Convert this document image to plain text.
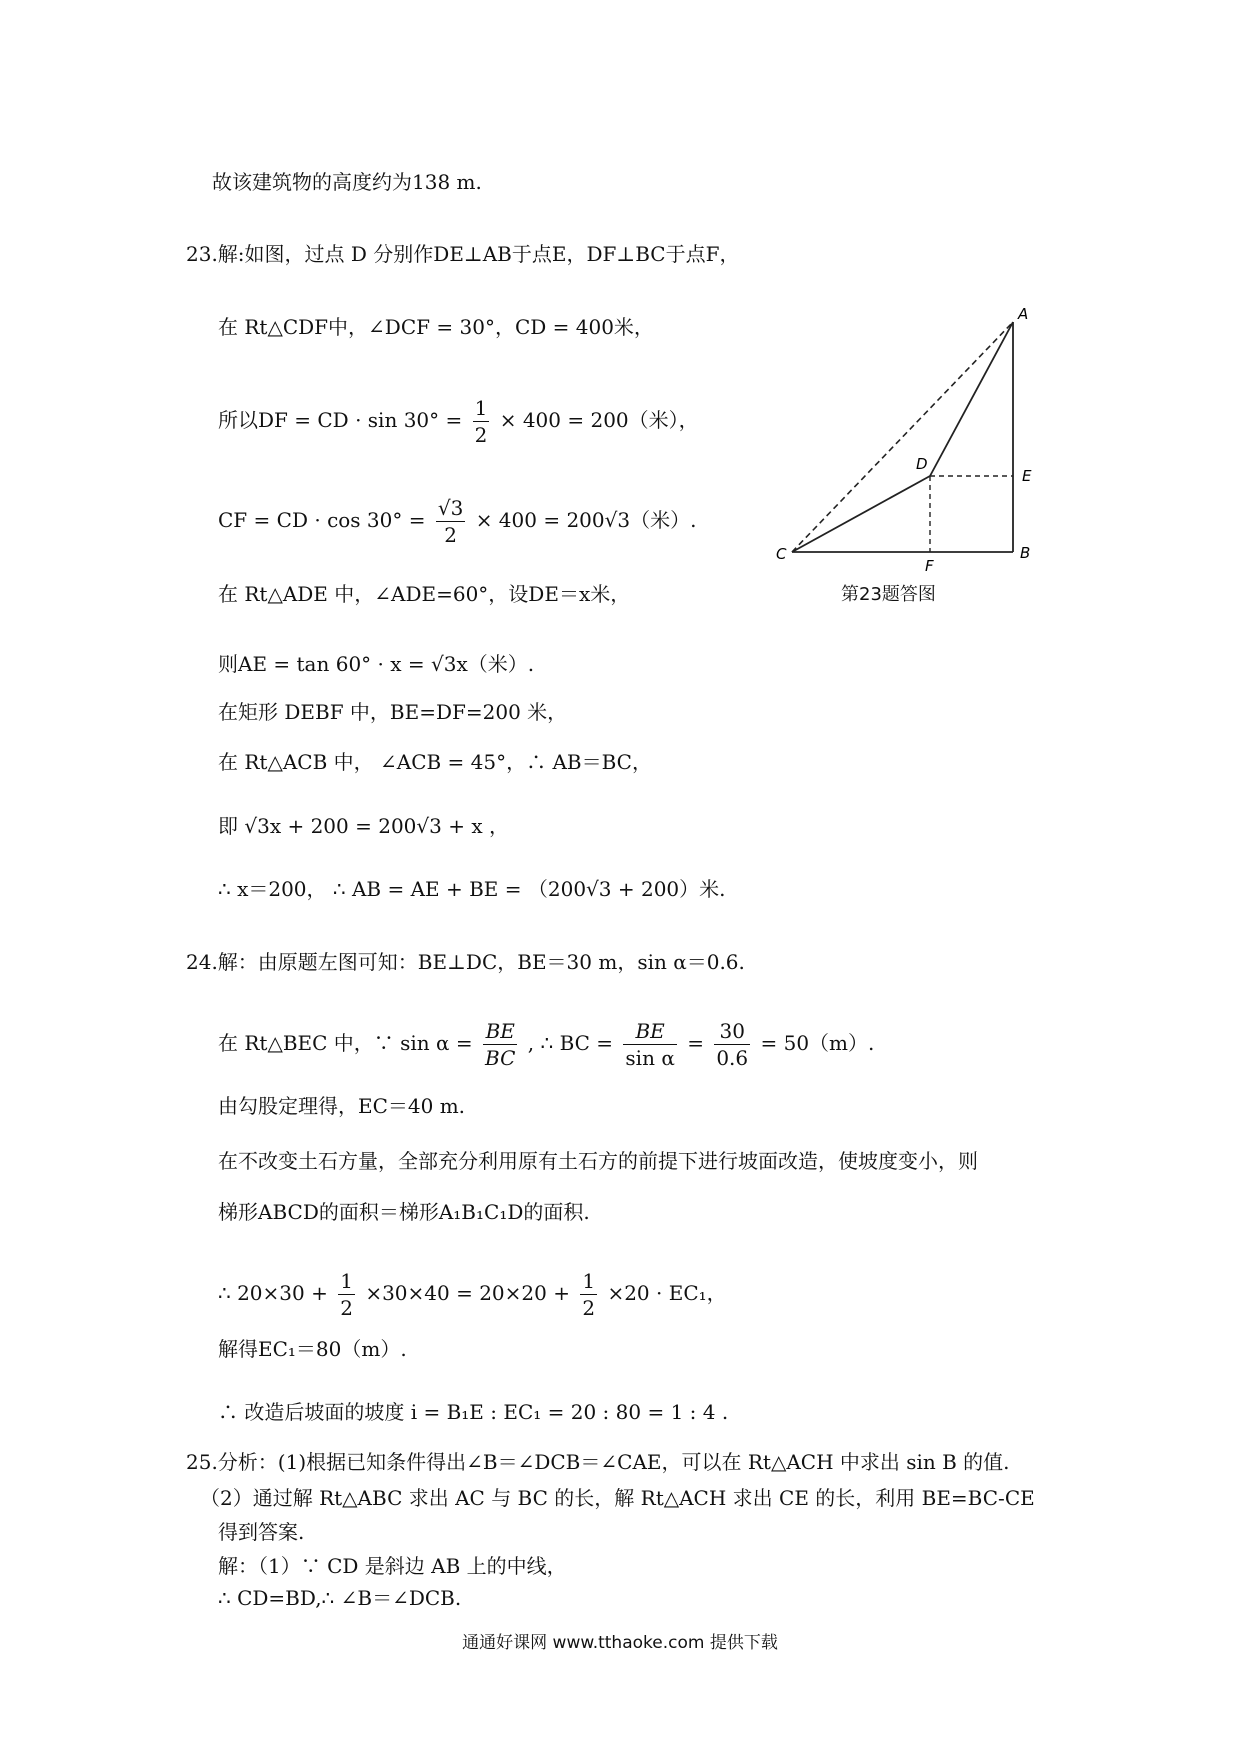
故该建筑物的高度约为138 m.
23.解:如图，过点 D 分别作DE⊥AB于点E，DF⊥BC于点F，
在 Rt△CDF中，∠DCF = 30°，CD = 400米，
所以DF = CD · $\sin 30^\circ = \frac{1}{2} \times 400 = 200$（米），
CF = CD · $\cos 30^\circ = \frac{√3}{2} \times 400 = 200√3$（米）.
在 Rt△ADE 中，∠ADE=60°，设DE＝x米，
则AE = tan 60° · x = √3x（米）.
在矩形 DEBF 中，BE=DF=200 米，
在 Rt△ACB 中， ∠ACB = 45°，∴ AB＝BC，
即 √3x + 200 = 200√3 + x ，
∴ x＝200， ∴ AB = AE + BE = （200√3 + 200）米.
A
B
C
D
E
F
第23题答图
24.解：由原题左图可知：BE⊥DC，BE＝30 m，sin α＝0.6.
在 Rt△BEC 中，∵ $\sin \alpha = \frac{BE}{BC}$ , ∴ BC = $\frac{BE}{\text{sin α}} = \frac{30}{0.6} = 50(m)$.
由勾股定理得，EC＝40 m.
在不改变土石方量，全部充分利用原有土石方的前提下进行坡面改造，使坡度变小，则
梯形ABCD的面积＝梯形A₁B₁C₁D的面积.
∴ $20\times 30 + \frac{1}{2} \times 30\times 40 = 20\times 20 + \frac{1}{2} \times 20 \cdot EC_1$，
解得EC₁＝80（m）.
∴ 改造后坡面的坡度 i = B₁E : EC₁ = 20 : 80 = 1 : 4 .
25.分析：(1)根据已知条件得出∠B＝∠DCB＝∠CAE，可以在 Rt△ACH 中求出 sin B 的值.
（2）通过解 Rt△ABC 求出 AC 与 BC 的长，解 Rt△ACH 求出 CE 的长，利用 BE=BC-CE
得到答案.
解：（1）∵ CD 是斜边 AB 上的中线，
∴ CD=BD,∴ ∠B＝∠DCB.
通通好课网 www.tthaoke.com 提供下载
